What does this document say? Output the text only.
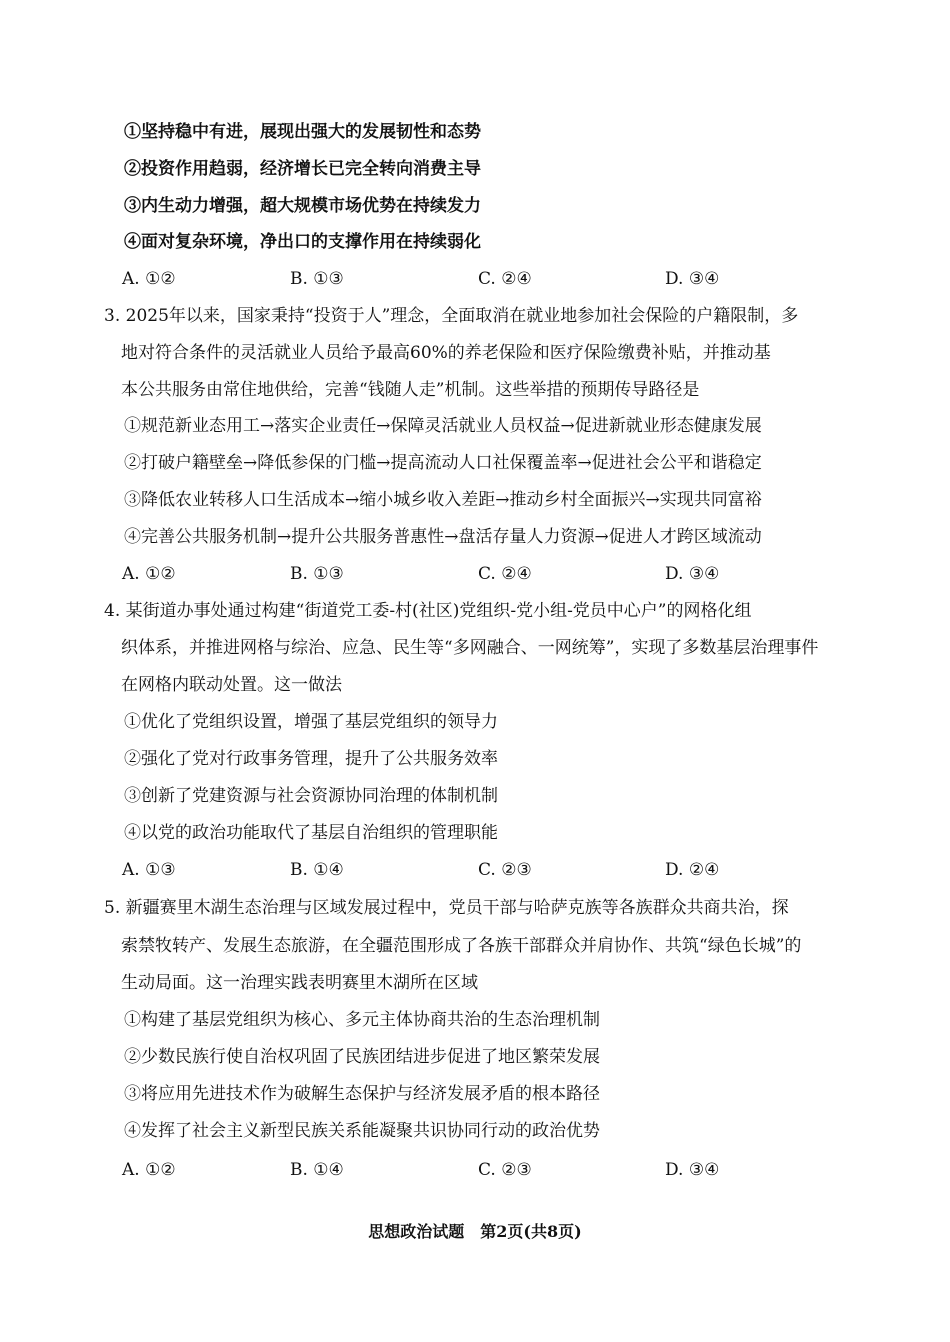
①坚持稳中有进，展现出强大的发展韧性和态势
②投资作用趋弱，经济增长已完全转向消费主导
③内生动力增强，超大规模市场优势在持续发力
④面对复杂环境，净出口的支撑作用在持续弱化
A. ①②	B. ①③	C. ②④	D. ③④
3. 2025年以来，国家秉持“投资于人”理念，全面取消在就业地参加社会保险的户籍限制，多
地对符合条件的灵活就业人员给予最高60%的养老保险和医疗保险缴费补贴，并推动基
本公共服务由常住地供给，完善“钱随人走”机制。这些举措的预期传导路径是
①规范新业态用工→落实企业责任→保障灵活就业人员权益→促进新就业形态健康发展
②打破户籍壁垒→降低参保的门槛→提高流动人口社保覆盖率→促进社会公平和谐稳定
③降低农业转移人口生活成本→缩小城乡收入差距→推动乡村全面振兴→实现共同富裕
④完善公共服务机制→提升公共服务普惠性→盘活存量人力资源→促进人才跨区域流动
A. ①②	B. ①③	C. ②④	D. ③④
4. 某街道办事处通过构建“街道党工委-村(社区)党组织-党小组-党员中心户”的网格化组
织体系，并推进网格与综治、应急、民生等“多网融合、一网统筹”，实现了多数基层治理事件
在网格内联动处置。这一做法
①优化了党组织设置，增强了基层党组织的领导力
②强化了党对行政事务管理，提升了公共服务效率
③创新了党建资源与社会资源协同治理的体制机制
④以党的政治功能取代了基层自治组织的管理职能
A. ①③	B. ①④	C. ②③	D. ②④
5. 新疆赛里木湖生态治理与区域发展过程中，党员干部与哈萨克族等各族群众共商共治，探
索禁牧转产、发展生态旅游，在全疆范围形成了各族干部群众并肩协作、共筑“绿色长城”的
生动局面。这一治理实践表明赛里木湖所在区域
①构建了基层党组织为核心、多元主体协商共治的生态治理机制
②少数民族行使自治权巩固了民族团结进步促进了地区繁荣发展
③将应用先进技术作为破解生态保护与经济发展矛盾的根本路径
④发挥了社会主义新型民族关系能凝聚共识协同行动的政治优势
A. ①②	B. ①④	C. ②③	D. ③④
思想政治试题 第2页(共8页)
